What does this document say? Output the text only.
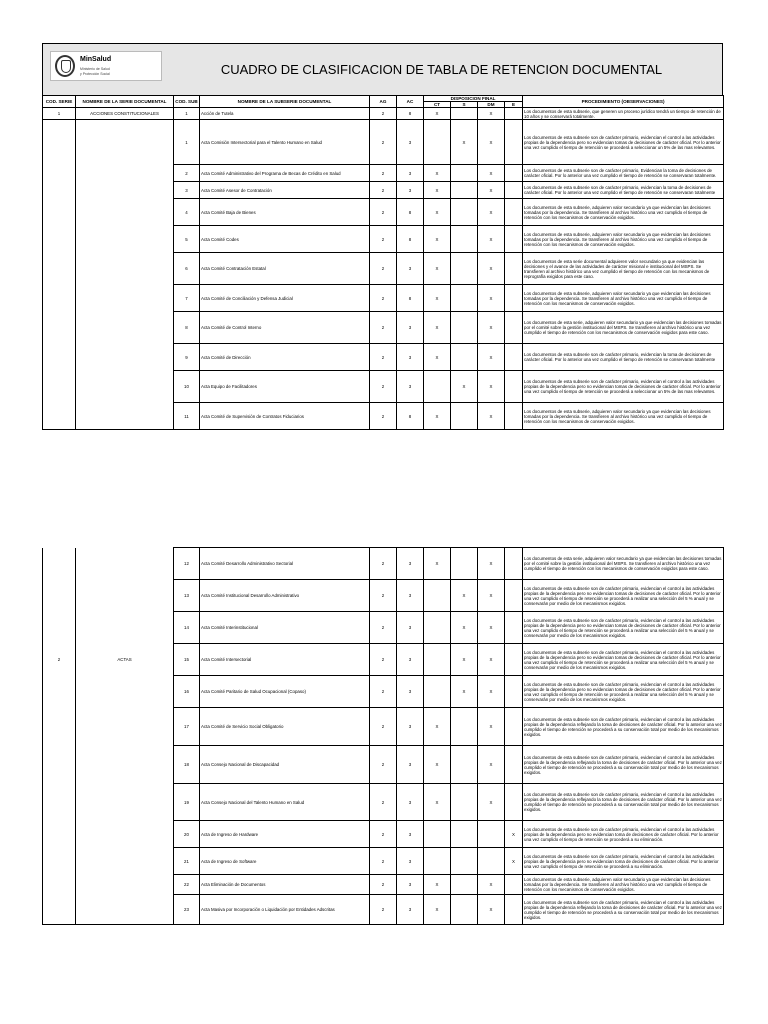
MinSalud
Ministerio de Salud
y Protección Social	CUADRO DE CLASIFICACION DE TABLA DE RETENCION DOCUMENTAL
COD. SERIE	NOMBRE DE LA SERIE DOCUMENTAL	COD. SUB	NOMBRE DE LA SUBSERIE DOCUMENTAL	AG	AC	DISPOSICION FINAL				PROCEDIMIENTO (OBSERVACIONES)
						CT	S	DM	E	
1	ACCIONES CONSTITUCIONALES	1	Acción de Tutela	2	8	X		X		Los documentos de esta subserie, que generen un proceso jurídico tendrá un tiempo de retención de 10 años y se conservará totalmente.
		1	Acta Comisión Intersectorial para el Talento Humano en Salud	2	3		X	X		Los documentos de esta subserie son de carácter primario, evidencian el control a las actividades propias de la dependencia pero no evidencian tomas de decisiones de carácter oficial. Por lo anterior una vez cumplido el tiempo de retención se procederá a seleccionar un 5% de las mas relevantes.
		2	Acta Comité Administrativo del Programa de Becas de Crédito en Salud	2	3	X		X		Los documentos de esta subserie son de carácter primario, Evidencian la toma de decisiones de carácter oficial. Por lo anterior una vez cumplido el tiempo de retención se conservaran totalmente.
		3	Acta Comité Asesor de Contratación	2	3	X		X		Los documentos de esta subserie son de carácter primario, evidencian la toma de decisiones de carácter oficial. Por lo anterior una vez cumplido el tiempo de retención se conservaran totalmente
		4	Acta Comité Baja de Bienes	2	8	X		X		Los documentos de esta subserie, adquieren valor secundario ya que evidencian las decisiones tomadas por la dependencia. Se transfieren al archivo histórico una vez cumplido el tiempo de retención con los mecanismos de conservación exigidos.
		5	Acta Comité Codes	2	8	X		X		Los documentos de esta subserie, adquieren valor secundario ya que evidencian las decisiones tomadas por la dependencia. Se transfieren al archivo histórico una vez cumplido el tiempo de retención con los mecanismos de conservación exigidos.
		6	Acta Comité Contratación Estatal	2	3	X		X		Los documentos de esta serie documental adquieren valor secundario ya que evidencian las decisiones y el avance de las actividades de carácter misional e institucional del MSPS. Se transfieren al archivo histórico una vez cumplido el tiempo de retención con los mecanismos de reprografía exigidos para este caso.
		7	Acta Comité de Conciliación y Defensa Judicial	2	8	X		X		Los documentos de esta subserie, adquieren valor secundario ya que evidencian las decisiones tomadas por la dependencia. Se transfieren al archivo histórico una vez cumplido el tiempo de retención con los mecanismos de conservación exigidos.
		8	Acta Comité de Control Interno	2	3	X		X		Los documentos de esta serie, adquieren valor secundario ya que evidencian las decisiones tomadas por el comité sobre la gestión institucional del MSPS. Se transfieren al archivo histórico una vez cumplido el tiempo de retención con los mecanismos de conservación exigidos para este caso.
		9	Acta Comité de Dirección	2	3	X		X		Los documentos de esta subserie son de carácter primario, evidencian la toma de decisiones de carácter oficial. Por lo anterior una vez cumplido el tiempo de retención se conservaran totalmente
		10	Acta Equipo de Facilitadores	2	3		X	X		Los documentos de esta subserie son de carácter primario, evidencian el control a las actividades propias de la dependencia pero no evidencian tomas de decisiones de carácter oficial. Por lo anterior una vez cumplido el tiempo de retención se procederá a seleccionar un 5% de las mas relevantes.
		11	Acta Comité de Supervisión de Contratos Fiduciarios	2	8	X		X		Los documentos de esta subserie, adquieren valor secundario ya que evidencian las decisiones tomadas por la dependencia. Se transfieren al archivo histórico una vez cumplido el tiempo de retención con los mecanismos de conservación exigidos.
		12	Acta Comité Desarrollo Administrativo Sectorial	2	3	X		X		Los documentos de esta serie, adquieren valor secundario ya que evidencian las decisiones tomadas por el comité sobre la gestión institucional del MSPS. Se transfieren al archivo histórico una vez cumplido el tiempo de retención con los mecanismos de conservación exigidos para este caso.
		13	Acta Comité Institucional Desarrollo Administrativo	2	3		X	X		Los documentos de esta subserie son de carácter primario, evidencian el control a las actividades propias de la dependencia pero no evidencian tomas de decisiones de carácter oficial. Por lo anterior una vez cumplido el tiempo de retención se procederá a realizar una selección del 5 % anual y se conservarán por medio de los mecanismos exigidos.
		14	Acta Comité Interinstitucional	2	3		X	X		Los documentos de esta subserie son de carácter primario, evidencian el control a las actividades propias de la dependencia pero no evidencian tomas de decisiones de carácter oficial. Por lo anterior una vez cumplido el tiempo de retención se procederá a realizar una selección del 5 % anual y se conservarán por medio de los mecanismos exigidos.
2	ACTAS	15	Acta Comité Intersectorial	2	3		X	X		Los documentos de esta subserie son de carácter primario, evidencian el control a las actividades propias de la dependencia pero no evidencian tomas de decisiones de carácter oficial. Por lo anterior una vez cumplido el tiempo de retención se procederá a realizar una selección del 5 % anual y se conservarán por medio de los mecanismos exigidos.
		16	Acta Comité Paritario de Salud Ocupacional (Copaso)	2	3		X	X		Los documentos de esta subserie son de carácter primario, evidencian el control a las actividades propias de la dependencia pero no evidencian tomas de decisiones de carácter oficial. Por lo anterior una vez cumplido el tiempo de retención se procederá a realizar una selección del 5 % anual y se conservarán por medio de los mecanismos exigidos.
		17	Acta Comité de Servicio Social Obligatorio	2	3	X		X		Los documentos de esta subserie son de carácter primario, evidencian el control a las actividades propias de la dependencia reflejando la toma de decisiones de carácter oficial. Por lo anterior una vez cumplido el tiempo de retención se procederá a su conservación total por medio de los mecanismos exigidos.
		18	Acta Consejo Nacional de Discapacidad	2	3	X		X		Los documentos de esta subserie son de carácter primario, evidencian el control a las actividades propias de la dependencia reflejando la toma de decisiones de carácter oficial. Por lo anterior una vez cumplido el tiempo de retención se procederá a su conservación total por medio de los mecanismos exigidos.
		19	Acta Consejo Nacional del Talento Humano en Salud	2	3	X		X		Los documentos de esta subserie son de carácter primario, evidencian el control a las actividades propias de la dependencia reflejando la toma de decisiones de carácter oficial. Por lo anterior una vez cumplido el tiempo de retención se procederá a su conservación total por medio de los mecanismos exigidos.
		20	Acta de Ingreso de Hardware	2	3				X	Los documentos de esta subserie son de carácter primario, evidencian el control a las actividades propias de la dependencia pero no evidencian toma de decisiones de carácter oficial. Por lo anterior una vez cumplido el tiempo de retención se procederá a su eliminación.
		21	Acta de Ingreso de Software	2	3				X	Los documentos de esta subserie son de carácter primario, evidencian el control a las actividades propias de la dependencia pero no evidencian toma de decisiones de carácter oficial. Por lo anterior una vez cumplido el tiempo de retención se procederá a su eliminación.
		22	Acta Eliminación de Documentos	2	3	X		X		Los documentos de esta subserie, adquieren valor secundario ya que evidencian las decisiones tomadas por la dependencia. Se transfieren al archivo histórico una vez cumplido el tiempo de retención con los mecanismos de conservación exigidos.
		23	Acta Masiva por Incorporación o Liquidación por Entidades Adscritas	2	3	X		X		Los documentos de esta subserie son de carácter primario, evidencian el control a las actividades propias de la dependencia reflejando la toma de decisiones de carácter oficial. Por lo anterior una vez cumplido el tiempo de retención se procederá a su conservación total por medio de los mecanismos exigidos.
